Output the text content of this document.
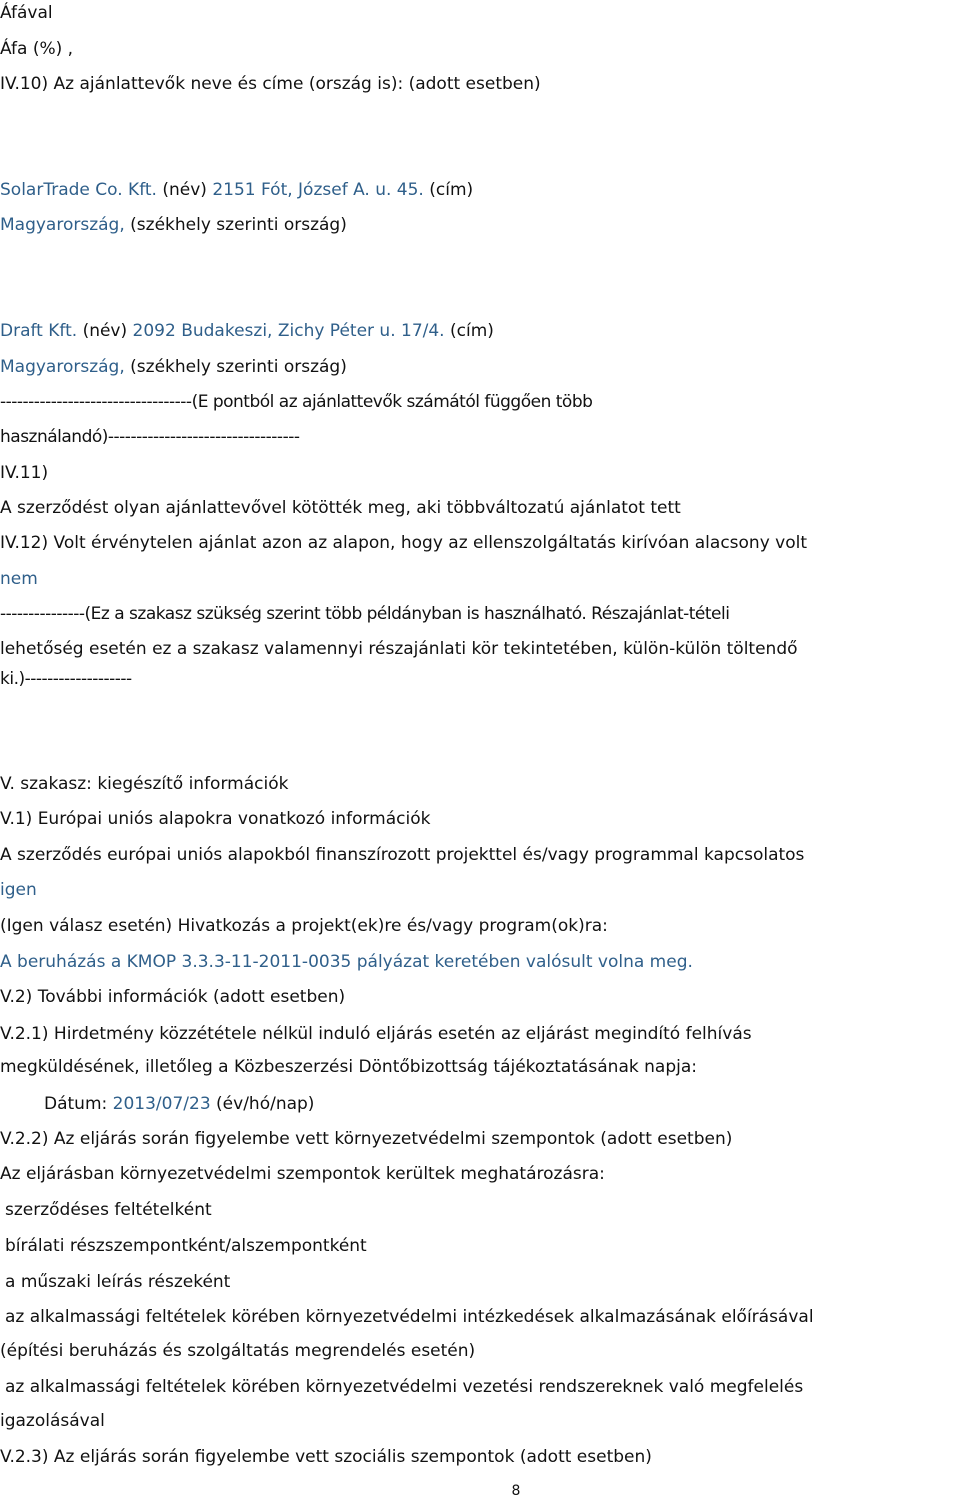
Áfával
Áfa (%) ,
IV.10) Az ajánlattevők neve és címe (ország is): (adott esetben)
SolarTrade Co. Kft. (név) 2151 Fót, József A. u. 45. (cím)
Magyarország, (székhely szerinti ország)
Draft Kft. (név) 2092 Budakeszi, Zichy Péter u. 17/4. (cím)
Magyarország, (székhely szerinti ország)
----------------------------------(E pontból az ajánlattevők számától függően több
használandó)----------------------------------
IV.11)
A szerződést olyan ajánlattevővel kötötték meg, aki többváltozatú ajánlatot tett
IV.12) Volt érvénytelen ajánlat azon az alapon, hogy az ellenszolgáltatás kirívóan alacsony volt
nem
---------------(Ez a szakasz szükség szerint több példányban is használható. Részajánlat-tételi
lehetőség esetén ez a szakasz valamennyi részajánlati kör tekintetében, külön-külön töltendő
ki.)-------------------
V. szakasz: kiegészítő információk
V.1) Európai uniós alapokra vonatkozó információk
A szerződés európai uniós alapokból finanszírozott projekttel és/vagy programmal kapcsolatos
igen
(Igen válasz esetén) Hivatkozás a projekt(ek)re és/vagy program(ok)ra:
A beruházás a KMOP 3.3.3-11-2011-0035 pályázat keretében valósult volna meg.
V.2) További információk (adott esetben)
V.2.1) Hirdetmény közzététele nélkül induló eljárás esetén az eljárást megindító felhívás
megküldésének, illetőleg a Közbeszerzési Döntőbizottság tájékoztatásának napja:
Dátum: 2013/07/23 (év/hó/nap)
V.2.2) Az eljárás során figyelembe vett környezetvédelmi szempontok (adott esetben)
Az eljárásban környezetvédelmi szempontok kerültek meghatározásra:
szerződéses feltételként
bírálati részszempontként/alszempontként
a műszaki leírás részeként
az alkalmassági feltételek körében környezetvédelmi intézkedések alkalmazásának előírásával
(építési beruházás és szolgáltatás megrendelés esetén)
az alkalmassági feltételek körében környezetvédelmi vezetési rendszereknek való megfelelés
igazolásával
V.2.3) Az eljárás során figyelembe vett szociális szempontok (adott esetben)
8
